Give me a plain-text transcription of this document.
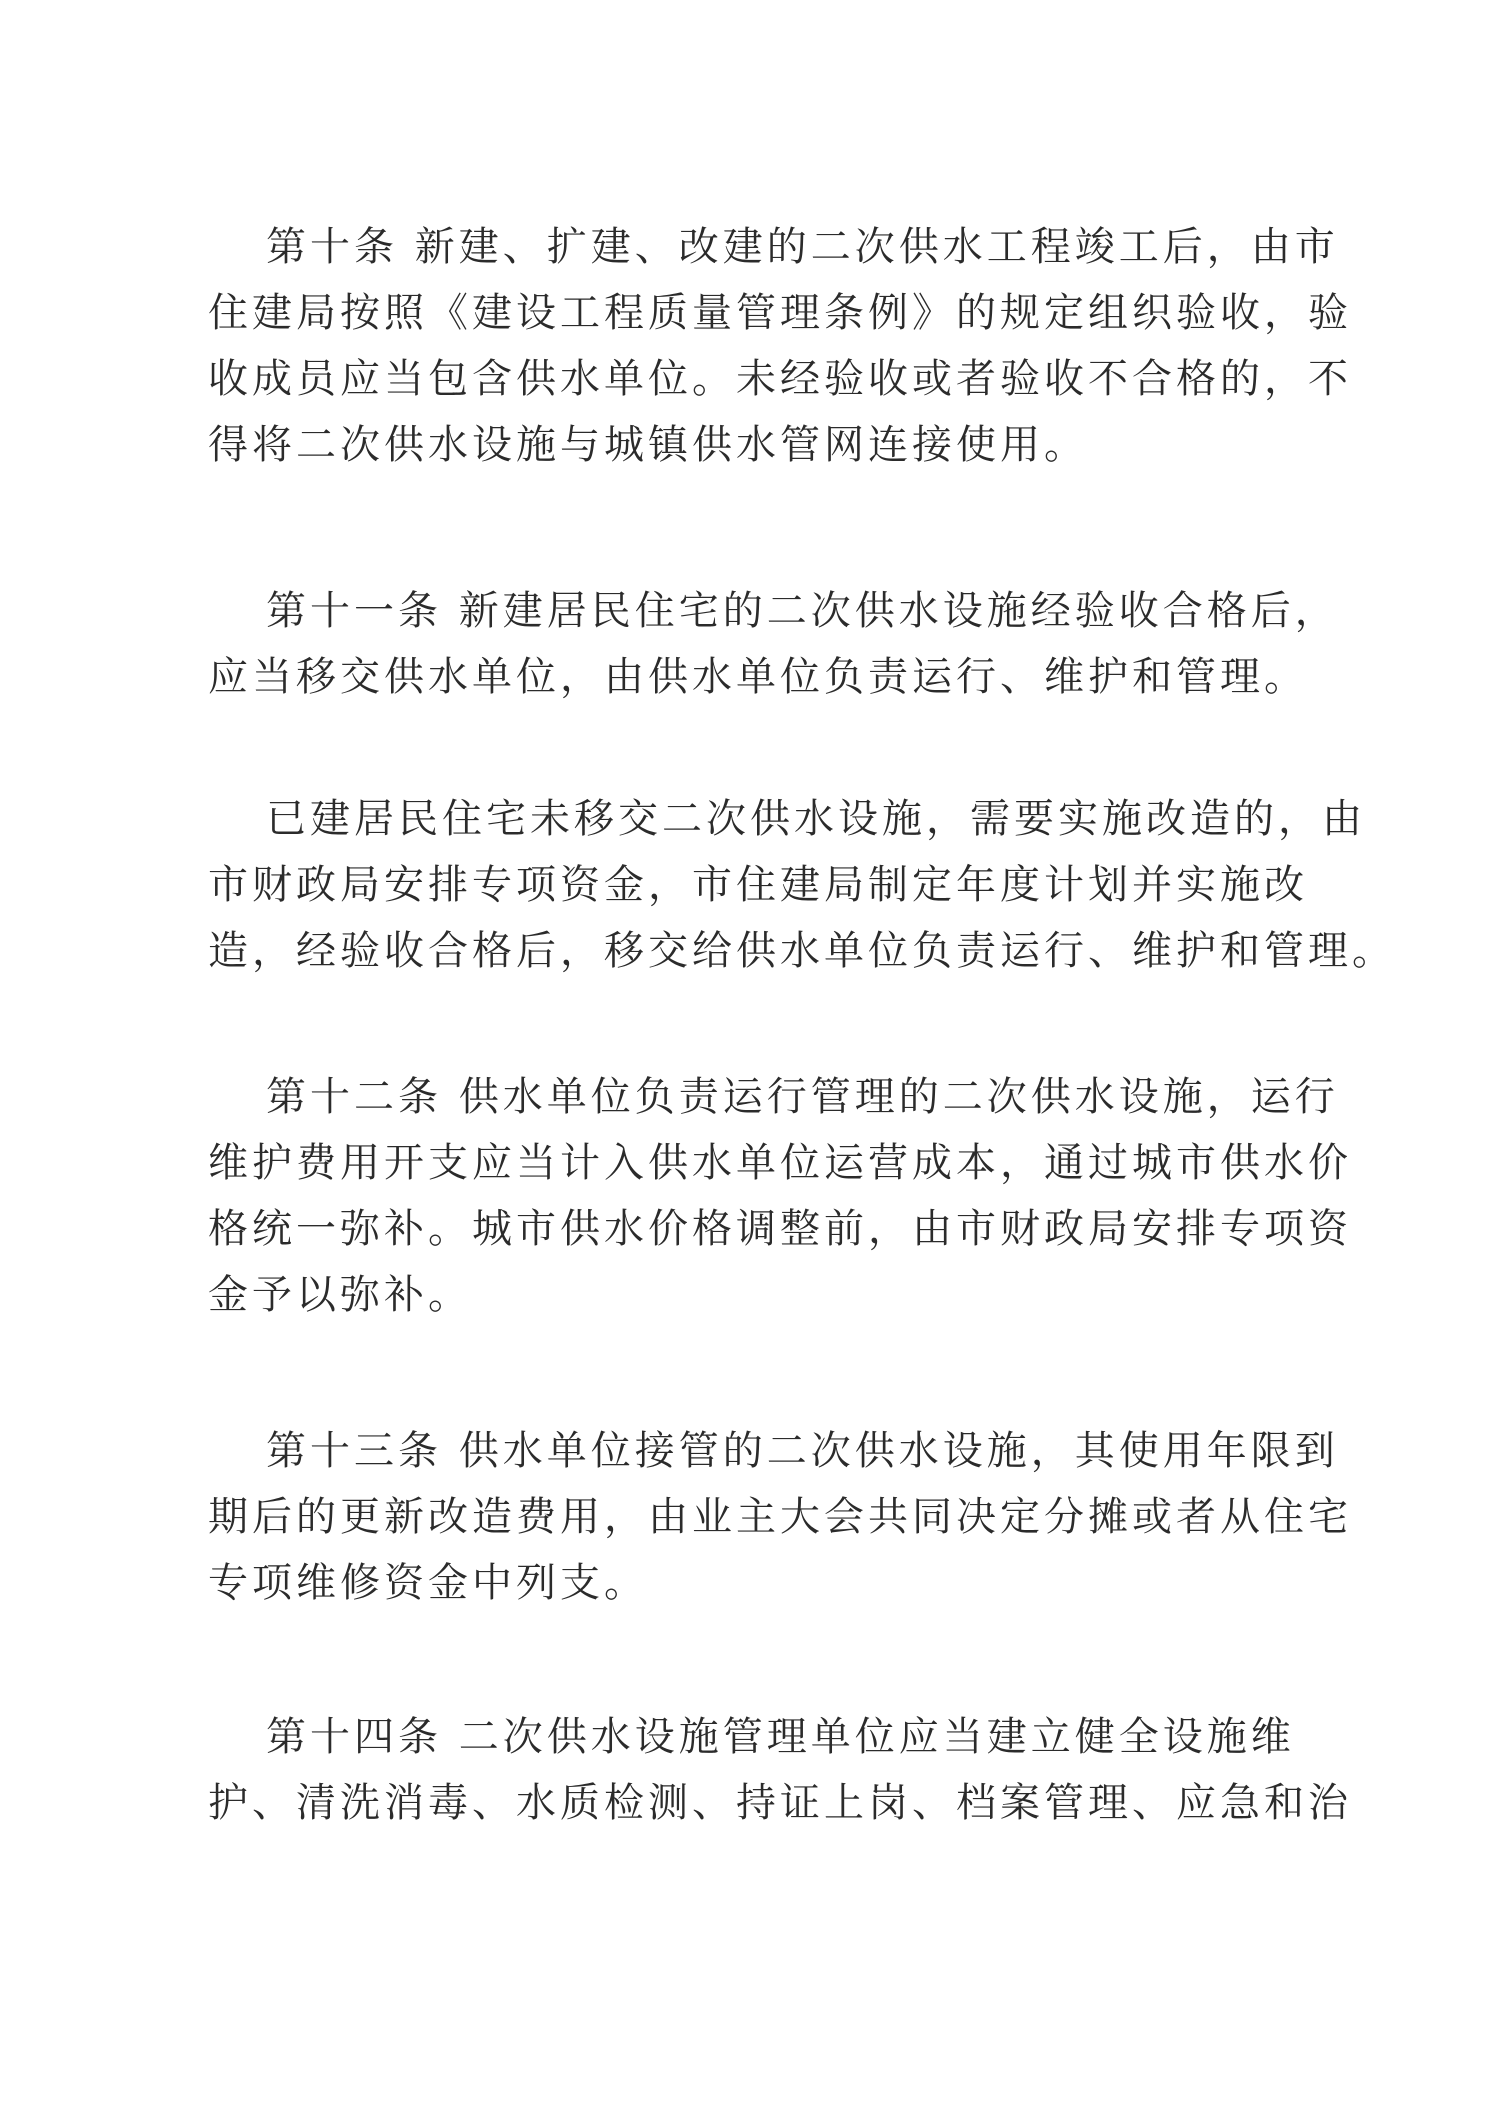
第十条 新建、扩建、改建的二次供水工程竣工后，由市
住建局按照《建设工程质量管理条例》的规定组织验收，验
收成员应当包含供水单位。未经验收或者验收不合格的，不
得将二次供水设施与城镇供水管网连接使用。
第十一条 新建居民住宅的二次供水设施经验收合格后，
应当移交供水单位，由供水单位负责运行、维护和管理。
已建居民住宅未移交二次供水设施，需要实施改造的，由
市财政局安排专项资金，市住建局制定年度计划并实施改
造，经验收合格后，移交给供水单位负责运行、维护和管理。
第十二条 供水单位负责运行管理的二次供水设施，运行
维护费用开支应当计入供水单位运营成本，通过城市供水价
格统一弥补。城市供水价格调整前，由市财政局安排专项资
金予以弥补。
第十三条 供水单位接管的二次供水设施，其使用年限到
期后的更新改造费用，由业主大会共同决定分摊或者从住宅
专项维修资金中列支。
第十四条 二次供水设施管理单位应当建立健全设施维
护、清洗消毒、水质检测、持证上岗、档案管理、应急和治
